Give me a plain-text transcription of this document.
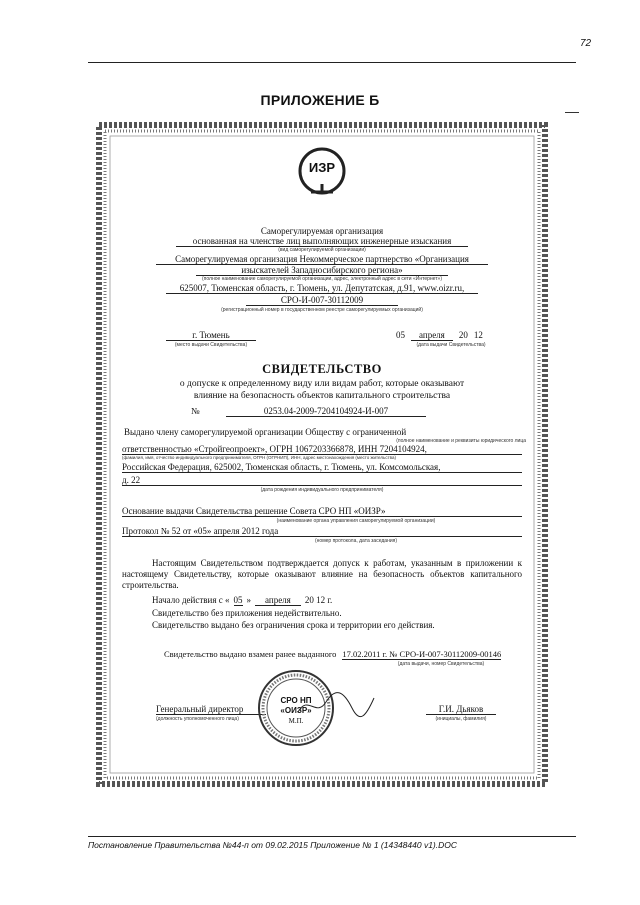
72
ПРИЛОЖЕНИЕ Б
ИЗР
Саморегулируемая организация
основанная на членстве лиц выполняющих инженерные изыскания
(вид саморегулируемой организации)
Саморегулируемая организация Некоммерческое партнерство «Организация
изыскателей Западносибирского региона»
(полное наименование саморегулируемой организации, адрес, электронный адрес в сети «Интернет»)
625007, Тюменская область, г. Тюмень, ул. Депутатская, д.91, www.oizr.ru,
СРО-И-007-30112009
(регистрационный номер в государственном реестре саморегулируемых организаций)
г. Тюмень
(место выдачи Свидетельства)
05	апреля	20 12
(дата выдачи Свидетельства)
СВИДЕТЕЛЬСТВО
о допуске к определенному виду или видам работ, которые оказывают
влияние на безопасность объектов капитального строительства
№	0253.04-2009-7204104924-И-007
Выдано члену саморегулируемой организации Обществу с ограниченной
(полное наименование и реквизиты юридического лица
ответственностью «Стройгеопроект», ОГРН 1067203366878, ИНН 7204104924,
(фамилия, имя, отчество индивидуального предпринимателя, ОГРН (ОГРНИП), ИНН, адрес местонахождения (место жительства)
Российская Федерация, 625002, Тюменская область, г. Тюмень, ул. Комсомольская,
д. 22
(дата рождения индивидуального предпринимателя)
Основание выдачи Свидетельства решение Совета СРО НП «ОИЗР»
(наименование органа управления саморегулируемой организации)
Протокол № 52 от «05» апреля 2012 года
(номер протокола, дата заседания)
Настоящим Свидетельством подтверждается допуск к работам, указанным в приложении к настоящему Свидетельству, которые оказывают влияние на безопасность объектов капитального строительства.
Начало действия с « 05 »	апреля	20 12 г.
Свидетельство без приложения недействительно.
Свидетельство выдано без ограничения срока и территории его действия.
Свидетельство выдано взамен ранее выданного 17.02.2011 г. № СРО-И-007-30112009-00146
(дата выдачи, номер Свидетельства)
Генеральный директор
(должность уполномоченного лица)
Г.И. Дьяков
(инициалы, фамилия)
СРО НП
«ОИЗР»
М.П.
Постановление Правительства №44-п от 09.02.2015 Приложение № 1 (14348440 v1).DOC
